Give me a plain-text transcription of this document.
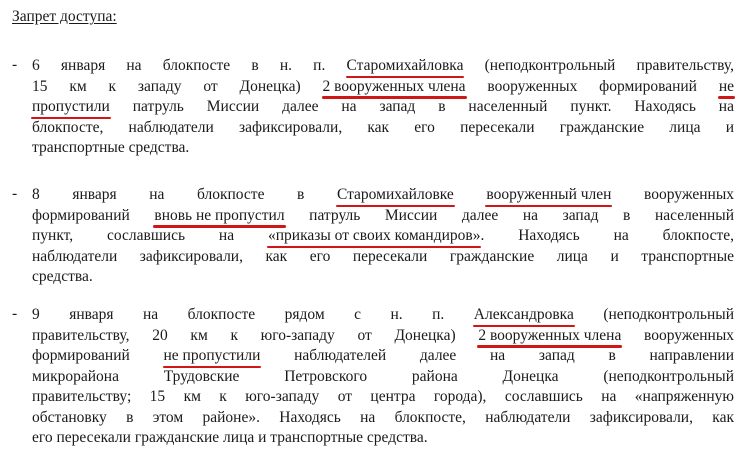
Запрет доступа:
- 6 января на блокпосте в н. п. Старомихайловка (неподконтрольный правительству,
15 км к западу от Донецка) 2 вооруженных члена вооруженных формирований не
пропустили патруль Миссии далее на запад в населенный пункт. Находясь на
блокпосте, наблюдатели зафиксировали, как его пересекали гражданские лица и
транспортные средства.
- 8 января на блокпосте в Старомихайловке вооруженный член вооруженных
формирований вновь не пропустил патруль Миссии далее на запад в населенный
пункт, сославшись на «приказы от своих командиров». Находясь на блокпосте,
наблюдатели зафиксировали, как его пересекали гражданские лица и транспортные
средства.
- 9 января на блокпосте рядом с н. п. Александровка (неподконтрольный
правительству, 20 км к юго-западу от Донецка) 2 вооруженных члена вооруженных
формирований не пропустили наблюдателей далее на запад в направлении
микрорайона Трудовские Петровского района Донецка (неподконтрольный
правительству; 15 км к юго-западу от центра города), сославшись на «напряженную
обстановку в этом районе». Находясь на блокпосте, наблюдатели зафиксировали, как
его пересекали гражданские лица и транспортные средства.
